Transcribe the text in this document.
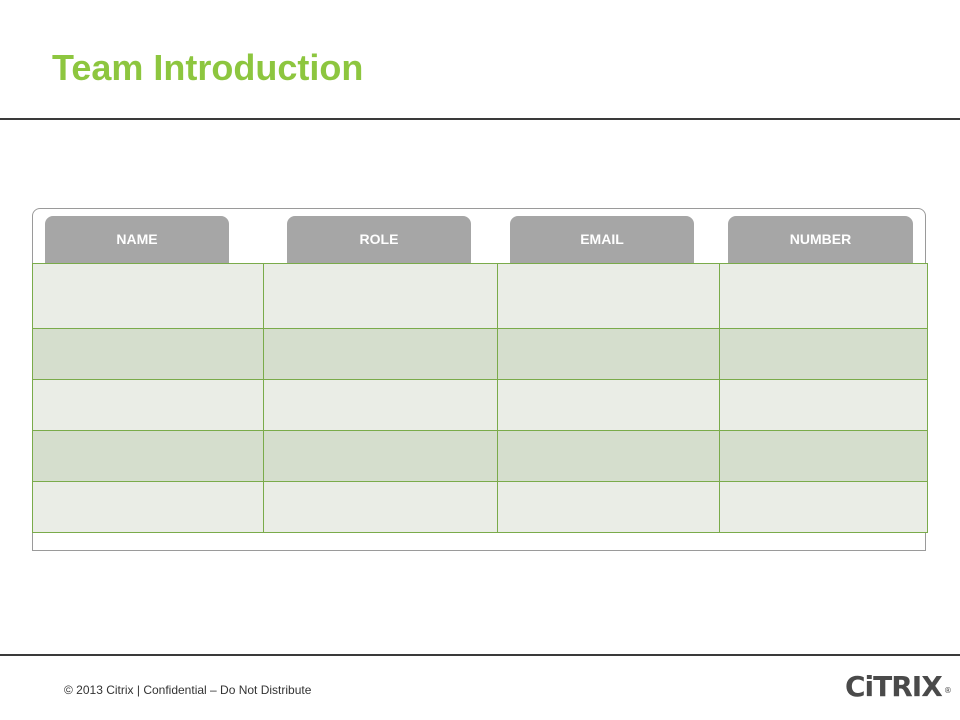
Team Introduction
NAME	ROLE	EMAIL	NUMBER

© 2013 Citrix | Confidential – Do Not Distribute	CiTRIX ®
